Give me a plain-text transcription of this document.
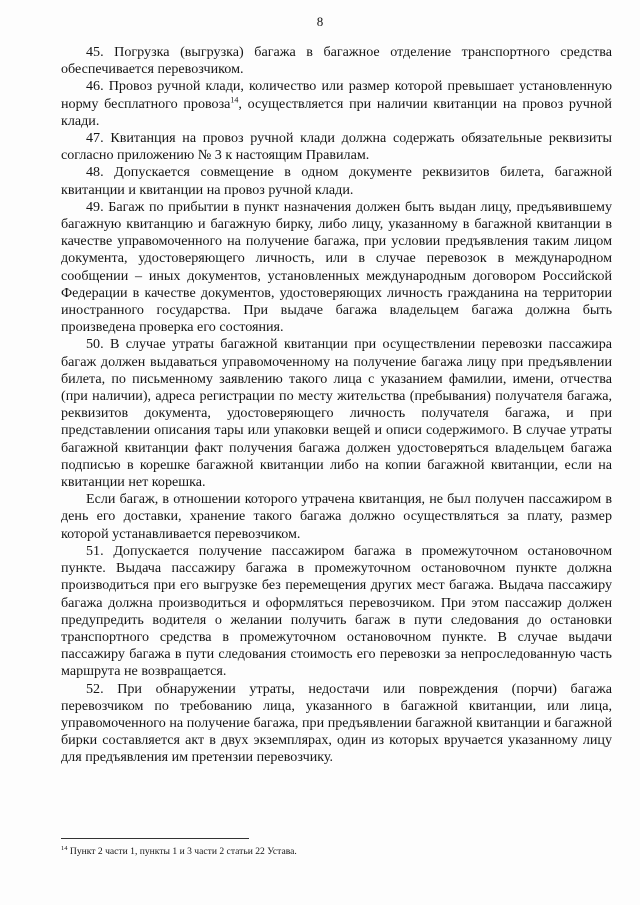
8

45. Погрузка (выгрузка) багажа в багажное отделение транспортного средства обеспечивается перевозчиком.

46. Провоз ручной клади, количество или размер которой превышает установленную норму бесплатного провоза$^{14}$, осуществляется при наличии квитанции на провоз ручной клади.

47. Квитанция на провоз ручной клади должна содержать обязательные реквизиты согласно приложению № 3 к настоящим Правилам.

48. Допускается совмещение в одном документе реквизитов билета, багажной квитанции и квитанции на провоз ручной клади.

49. Багаж по прибытии в пункт назначения должен быть выдан лицу, предъявившему багажную квитанцию и багажную бирку, либо лицу, указанному в багажной квитанции в качестве управомоченного на получение багажа, при условии предъявления таким лицом документа, удостоверяющего личность, или в случае перевозок в международном сообщении – иных документов, установленных международным договором Российской Федерации в качестве документов, удостоверяющих личность гражданина на территории иностранного государства. При выдаче багажа владельцем багажа должна быть произведена проверка его состояния.

50. В случае утраты багажной квитанции при осуществлении перевозки пассажира багаж должен выдаваться управомоченному на получение багажа лицу при предъявлении билета, по письменному заявлению такого лица с указанием фамилии, имени, отчества (при наличии), адреса регистрации по месту жительства (пребывания) получателя багажа, реквизитов документа, удостоверяющего личность получателя багажа, и при представлении описания тары или упаковки вещей и описи содержимого. В случае утраты багажной квитанции факт получения багажа должен удостоверяться владельцем багажа подписью в корешке багажной квитанции либо на копии багажной квитанции, если на квитанции нет корешка.

Если багаж, в отношении которого утрачена квитанция, не был получен пассажиром в день его доставки, хранение такого багажа должно осуществляться за плату, размер которой устанавливается перевозчиком.

51. Допускается получение пассажиром багажа в промежуточном остановочном пункте. Выдача пассажиру багажа в промежуточном остановочном пункте должна производиться при его выгрузке без перемещения других мест багажа. Выдача пассажиру багажа должна производиться и оформляться перевозчиком. При этом пассажир должен предупредить водителя о желании получить багаж в пути следования до остановки транспортного средства в промежуточном остановочном пункте. В случае выдачи пассажиру багажа в пути следования стоимость его перевозки за непроследованную часть маршрута не возвращается.

52. При обнаружении утраты, недостачи или повреждения (порчи) багажа перевозчиком по требованию лица, указанного в багажной квитанции, или лица, управомоченного на получение багажа, при предъявлении багажной квитанции и багажной бирки составляется акт в двух экземплярах, один из которых вручается указанному лицу для предъявления им претензии перевозчику.

$^{14}$ Пункт 2 части 1, пункты 1 и 3 части 2 статьи 22 Устава.
